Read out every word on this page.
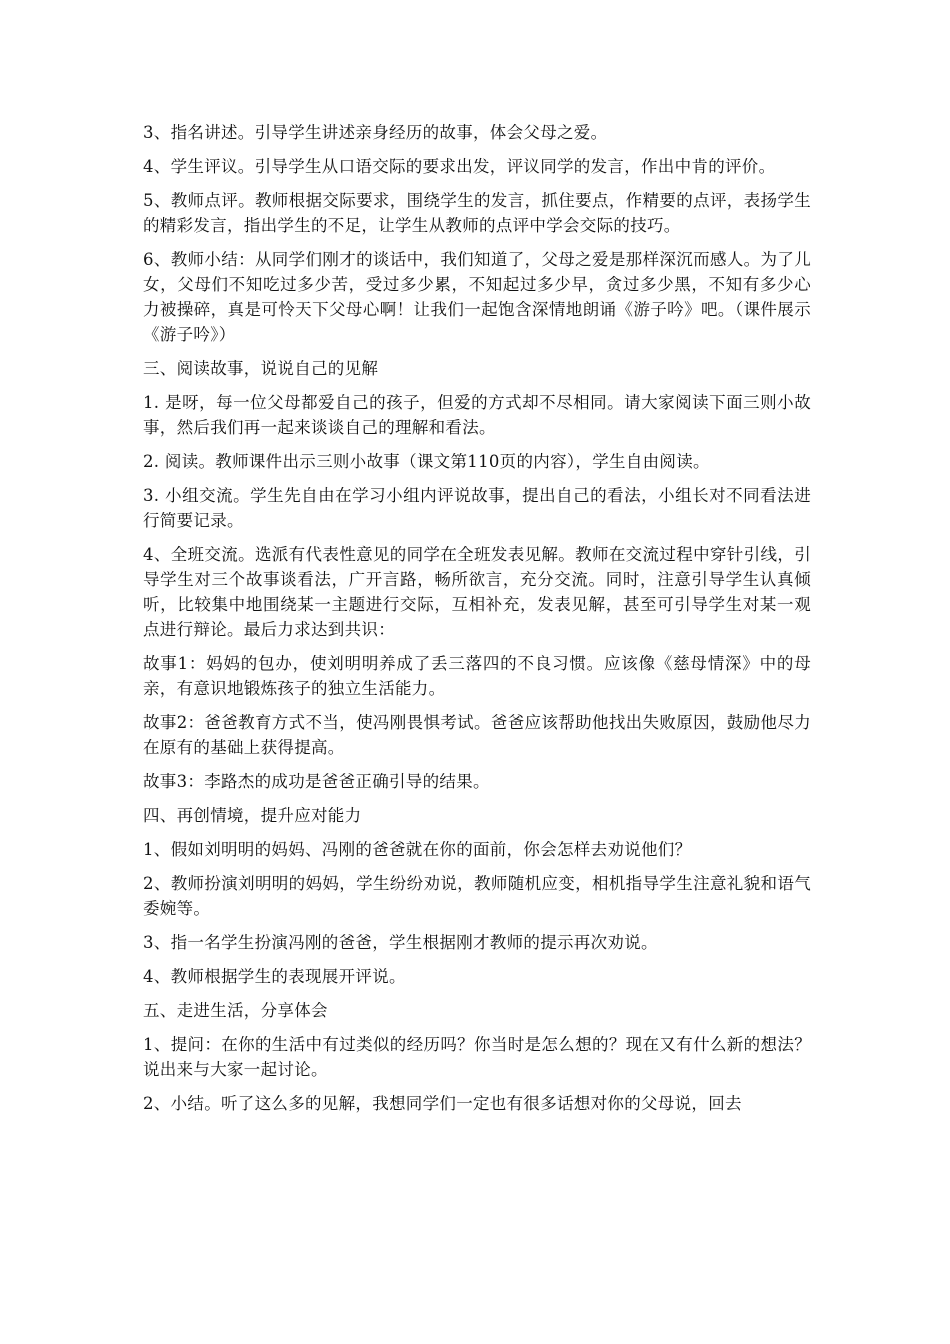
3、指名讲述。引导学生讲述亲身经历的故事，体会父母之爱。

4、学生评议。引导学生从口语交际的要求出发，评议同学的发言，作出中肯的评价。

5、教师点评。教师根据交际要求，围绕学生的发言，抓住要点，作精要的点评，表扬学生的精彩发言，指出学生的不足，让学生从教师的点评中学会交际的技巧。

6、教师小结：从同学们刚才的谈话中，我们知道了，父母之爱是那样深沉而感人。为了儿女，父母们不知吃过多少苦，受过多少累，不知起过多少早，贪过多少黑，不知有多少心力被操碎，真是可怜天下父母心啊！让我们一起饱含深情地朗诵《游子吟》吧。（课件展示《游子吟》）

三、阅读故事，说说自己的见解

1. 是呀，每一位父母都爱自己的孩子，但爱的方式却不尽相同。请大家阅读下面三则小故事，然后我们再一起来谈谈自己的理解和看法。

2. 阅读。教师课件出示三则小故事（课文第110页的内容），学生自由阅读。

3. 小组交流。学生先自由在学习小组内评说故事，提出自己的看法，小组长对不同看法进行简要记录。

4、全班交流。选派有代表性意见的同学在全班发表见解。教师在交流过程中穿针引线，引导学生对三个故事谈看法，广开言路，畅所欲言，充分交流。同时，注意引导学生认真倾听，比较集中地围绕某一主题进行交际，互相补充，发表见解，甚至可引导学生对某一观点进行辩论。最后力求达到共识：

故事1：妈妈的包办，使刘明明养成了丢三落四的不良习惯。应该像《慈母情深》中的母亲，有意识地锻炼孩子的独立生活能力。

故事2：爸爸教育方式不当，使冯刚畏惧考试。爸爸应该帮助他找出失败原因，鼓励他尽力在原有的基础上获得提高。

故事3：李路杰的成功是爸爸正确引导的结果。

四、再创情境，提升应对能力

1、假如刘明明的妈妈、冯刚的爸爸就在你的面前，你会怎样去劝说他们？

2、教师扮演刘明明的妈妈，学生纷纷劝说，教师随机应变，相机指导学生注意礼貌和语气委婉等。

3、指一名学生扮演冯刚的爸爸，学生根据刚才教师的提示再次劝说。

4、教师根据学生的表现展开评说。

五、走进生活，分享体会

1、提问：在你的生活中有过类似的经历吗？你当时是怎么想的？现在又有什么新的想法？说出来与大家一起讨论。

2、小结。听了这么多的见解，我想同学们一定也有很多话想对你的父母说，回去
